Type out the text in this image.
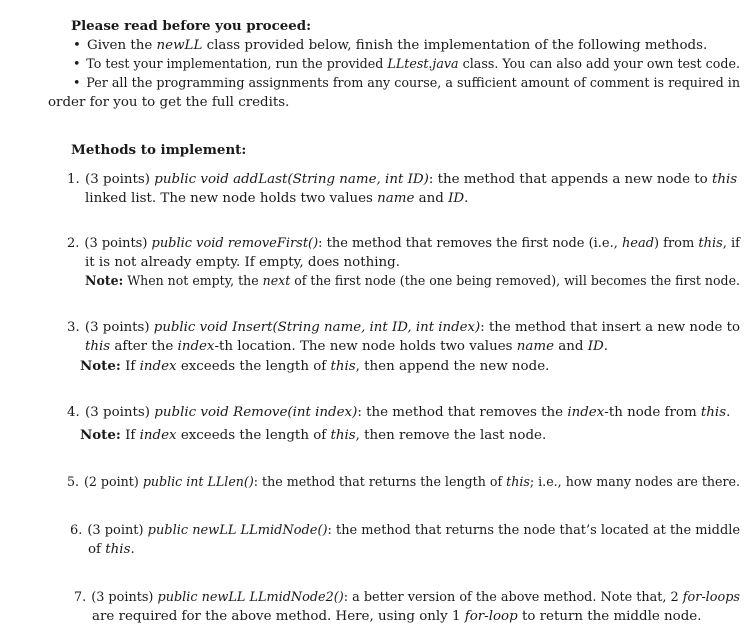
Please read before you proceed:
• Given the newLL class provided below, finish the implementation of the following methods.
• To test your implementation, run the provided LLtest.java class. You can also add your own test code.
• Per all the programming assignments from any course, a sufficient amount of comment is required in
order for you to get the full credits.
Methods to implement:
1. (3 points) public void addLast(String name, int ID): the method that appends a new node to this
linked list. The new node holds two values name and ID.
2. (3 points) public void removeFirst(): the method that removes the first node (i.e., head) from this, if
it is not already empty. If empty, does nothing.
Note: When not empty, the next of the first node (the one being removed), will becomes the first node.
3. (3 points) public void Insert(String name, int ID, int index): the method that insert a new node to
this after the index-th location. The new node holds two values name and ID.
Note: If index exceeds the length of this, then append the new node.
4. (3 points) public void Remove(int index): the method that removes the index-th node from this.
Note: If index exceeds the length of this, then remove the last node.
5. (2 point) public int LLlen(): the method that returns the length of this; i.e., how many nodes are there.
6. (3 point) public newLL LLmidNode(): the method that returns the node that’s located at the middle
of this.
7. (3 points) public newLL LLmidNode2(): a better version of the above method. Note that, 2 for-loops
are required for the above method. Here, using only 1 for-loop to return the middle node.
